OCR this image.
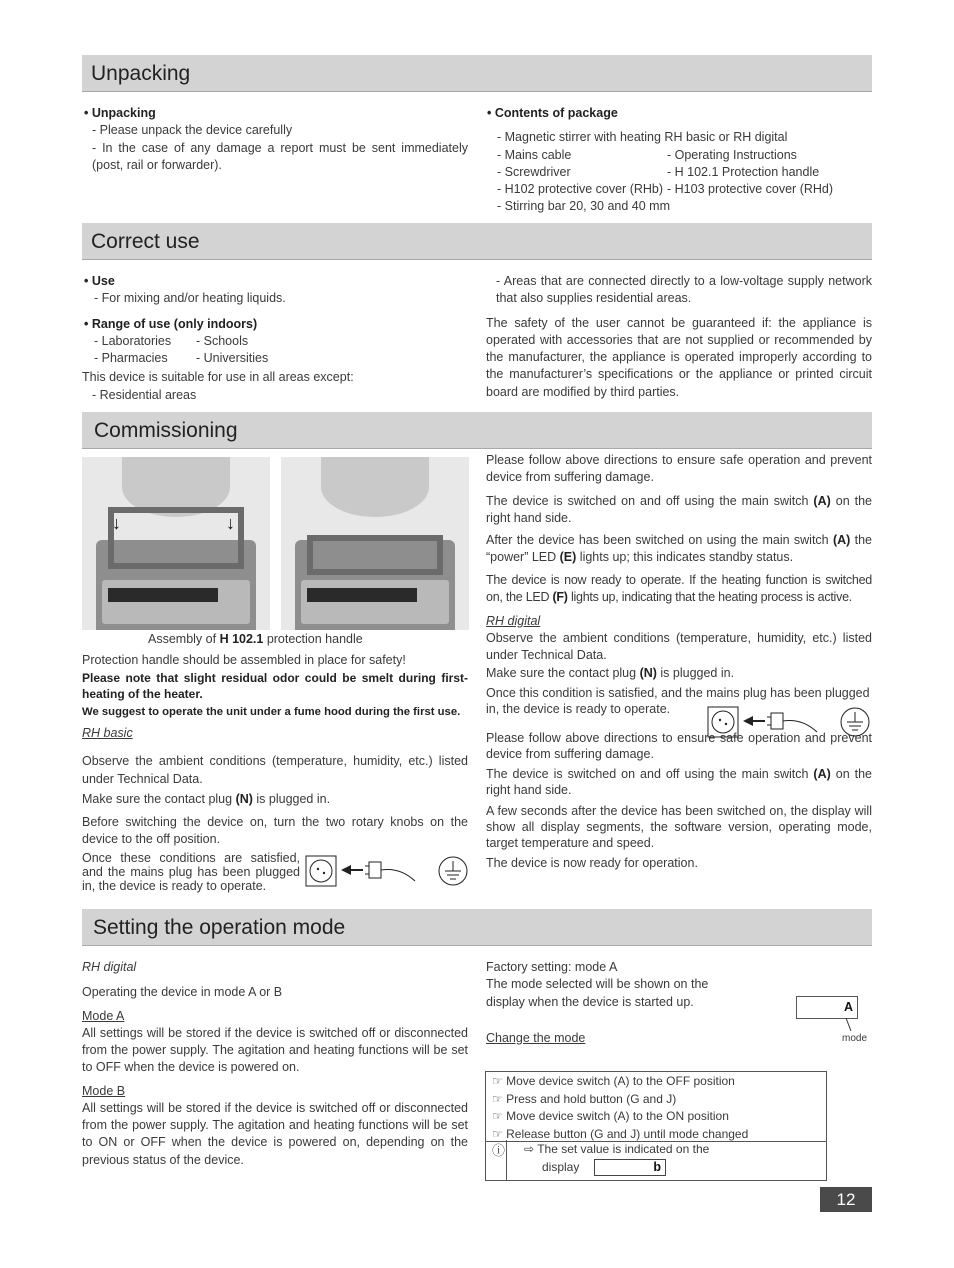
Unpacking
Correct use
Commissioning
Setting the operation mode

• Unpacking

- Please unpack the device carefully

- In the case of any damage a report must be sent immediately (post, rail or forwarder).

• Contents of package

- Magnetic stirrer with heating RH basic or RH digital

- Mains cable	- Operating Instructions

- Screwdriver	- H 102.1 Protection handle

- H102 protective cover (RHb) - H103 protective cover (RHd)

- Stirring bar 20, 30 and 40 mm

• Use

- For mixing and/or heating liquids.

• Range of use (only indoors)

- Laboratories	- Schools

- Pharmacies	- Universities

This device is suitable for use in all areas except:

- Residential areas

- Areas that are connected directly to a low-voltage supply network that also supplies residential areas.

The safety of the user cannot be guaranteed if: the appliance is operated with accessories that are not supplied or recommended by the manufacturer, the appliance is operated improperly according to the manufacturer’s specifications or the appliance or printed circuit board are modified by third parties.

↓	↓

Assembly of H 102.1 protection handle

Protection handle should be assembled in place for safety!

Please note that slight residual odor could be smelt during first-heating of the heater.

We suggest to operate the unit under a fume hood during the first use.

RH basic

Observe the ambient conditions (temperature, humidity, etc.) listed under Technical Data.

Make sure the contact plug (N) is plugged in.

Before switching the device on, turn the two rotary knobs on the device to the off position.

Once these conditions are satisfied, and the mains plug has been plugged in, the device is ready to operate.

Please follow above directions to ensure safe operation and prevent device from suffering damage.

The device is switched on and off using the main switch (A) on the right hand side.

After the device has been switched on using the main switch (A) the “power” LED (E) lights up; this indicates standby status.

The device is now ready to operate. If the heating function is switched on, the LED (F) lights up, indicating that the heating process is active.

RH digital

Observe the ambient conditions (temperature, humidity, etc.) listed under Technical Data.

Make sure the contact plug (N) is plugged in.

Once this condition is satisfied, and the mains plug has been plugged in, the device is ready to operate.

Please follow above directions to ensure safe operation and prevent device from suffering damage.

The device is switched on and off using the main switch (A) on the right hand side.

A few seconds after the device has been switched on, the display will show all display segments, the software version, operating mode, target temperature and speed.

The device is now ready for operation.

RH digital

Operating the device in mode A or B

Mode A

All settings will be stored if the device is switched off or disconnected from the power supply. The agitation and heating functions will be set to OFF when the device is powered on.

Mode B

All settings will be stored if the device is switched off or disconnected from the power supply. The agitation and heating functions will be set to ON or OFF when the device is powered on, depending on the previous status of the device.

Factory setting: mode A

The mode selected will be shown on the display when the device is started up.

Change the mode

A
mode
☞ Move device switch (A) to the OFF position
☞ Press and hold button (G and J)
☞ Move device switch (A) to the ON position
☞ Release button (G and J) until mode changed
ⓘ ⇨ The set value is indicated on the
display	b
12
